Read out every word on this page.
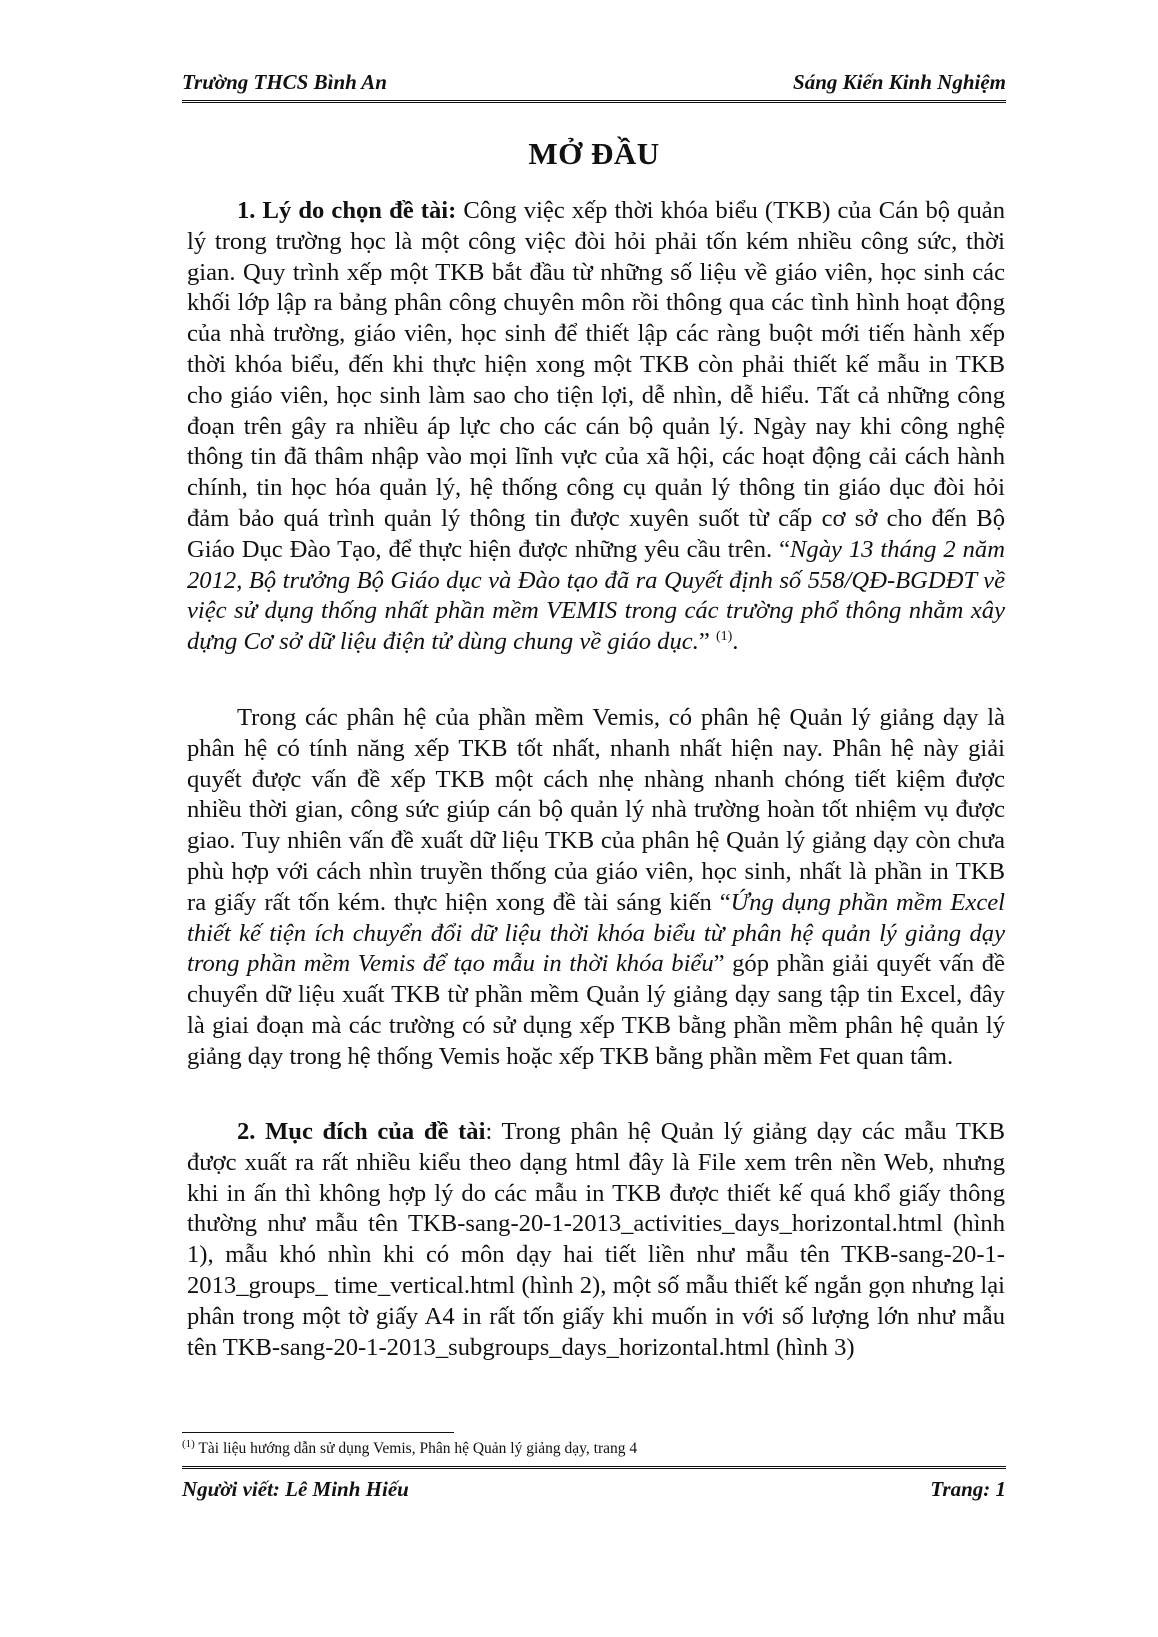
Trường THCS Bình An	Sáng Kiến Kinh Nghiệm
MỞ ĐẦU

1. Lý do chọn đề tài: Công việc xếp thời khóa biểu (TKB) của Cán bộ quản lý trong trường học là một công việc đòi hỏi phải tốn kém nhiều công sức, thời gian. Quy trình xếp một TKB bắt đầu từ những số liệu về giáo viên, học sinh các khối lớp lập ra bảng phân công chuyên môn rồi thông qua các tình hình hoạt động của nhà trường, giáo viên, học sinh để thiết lập các ràng buột mới tiến hành xếp thời khóa biểu, đến khi thực hiện xong một TKB còn phải thiết kế mẫu in TKB cho giáo viên, học sinh làm sao cho tiện lợi, dễ nhìn, dễ hiểu. Tất cả những công đoạn trên gây ra nhiều áp lực cho các cán bộ quản lý. Ngày nay khi công nghệ thông tin đã thâm nhập vào mọi lĩnh vực của xã hội, các hoạt động cải cách hành chính, tin học hóa quản lý, hệ thống công cụ quản lý thông tin giáo dục đòi hỏi đảm bảo quá trình quản lý thông tin được xuyên suốt từ cấp cơ sở cho đến Bộ Giáo Dục Đào Tạo, để thực hiện được những yêu cầu trên. “Ngày 13 tháng 2 năm 2012, Bộ trưởng Bộ Giáo dục và Đào tạo đã ra Quyết định số 558/QĐ-BGDĐT về việc sử dụng thống nhất phần mềm VEMIS trong các trường phổ thông nhằm xây dựng Cơ sở dữ liệu điện tử dùng chung về giáo dục.” $^{(1)}$.

Trong các phân hệ của phần mềm Vemis, có phân hệ Quản lý giảng dạy là phân hệ có tính năng xếp TKB tốt nhất, nhanh nhất hiện nay. Phân hệ này giải quyết được vấn đề xếp TKB một cách nhẹ nhàng nhanh chóng tiết kiệm được nhiều thời gian, công sức giúp cán bộ quản lý nhà trường hoàn tốt nhiệm vụ được giao. Tuy nhiên vấn đề xuất dữ liệu TKB của phân hệ Quản lý giảng dạy còn chưa phù hợp với cách nhìn truyền thống của giáo viên, học sinh, nhất là phần in TKB ra giấy rất tốn kém. thực hiện xong đề tài sáng kiến “Ứng dụng phần mềm Excel thiết kế tiện ích chuyển đổi dữ liệu thời khóa biểu từ phân hệ quản lý giảng dạy trong phần mềm Vemis để tạo mẫu in thời khóa biểu” góp phần giải quyết vấn đề chuyển dữ liệu xuất TKB từ phần mềm Quản lý giảng dạy sang tập tin Excel, đây là giai đoạn mà các trường có sử dụng xếp TKB bằng phần mềm phân hệ quản lý giảng dạy trong hệ thống Vemis hoặc xếp TKB bằng phần mềm Fet quan tâm.

2. Mục đích của đề tài: Trong phân hệ Quản lý giảng dạy các mẫu TKB được xuất ra rất nhiều kiểu theo dạng html đây là File xem trên nền Web, nhưng khi in ấn thì không hợp lý do các mẫu in TKB được thiết kế quá khổ giấy thông thường như mẫu tên TKB-sang-20-1-2013_activities_days_horizontal.html (hình 1), mẫu khó nhìn khi có môn dạy hai tiết liền như mẫu tên TKB-sang-20-1-2013_groups_ time_vertical.html (hình 2), một số mẫu thiết kế ngắn gọn nhưng lại phân trong một tờ giấy A4 in rất tốn giấy khi muốn in với số lượng lớn như mẫu tên TKB-sang-20-1-2013_subgroups_days_horizontal.html (hình 3)

$^{(1)}$ Tài liệu hướng dẫn sử dụng Vemis, Phân hệ Quản lý giảng dạy, trang 4
Người viết: Lê Minh Hiếu	Trang: 1
